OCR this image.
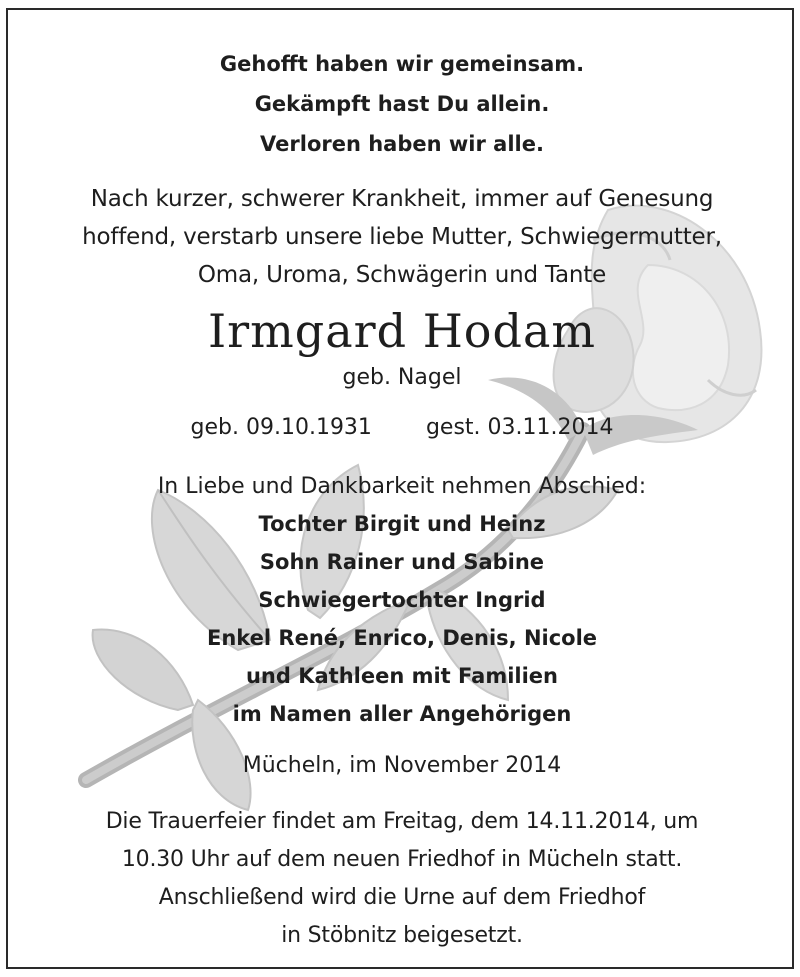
Gehofft haben wir gemeinsam.
Gekämpft hast Du allein.
Verloren haben wir alle.
Nach kurzer, schwerer Krankheit, immer auf Genesung
hoffend, verstarb unsere liebe Mutter, Schwiegermutter,
Oma, Uroma, Schwägerin und Tante
Irmgard Hodam
geb. Nagel
geb. 09.10.1931 gest. 03.11.2014
In Liebe und Dankbarkeit nehmen Abschied:
Tochter Birgit und Heinz
Sohn Rainer und Sabine
Schwiegertochter Ingrid
Enkel René, Enrico, Denis, Nicole
und Kathleen mit Familien
im Namen aller Angehörigen
Mücheln, im November 2014
Die Trauerfeier findet am Freitag, dem 14.11.2014, um
10.30 Uhr auf dem neuen Friedhof in Mücheln statt.
Anschließend wird die Urne auf dem Friedhof
in Stöbnitz beigesetzt.
